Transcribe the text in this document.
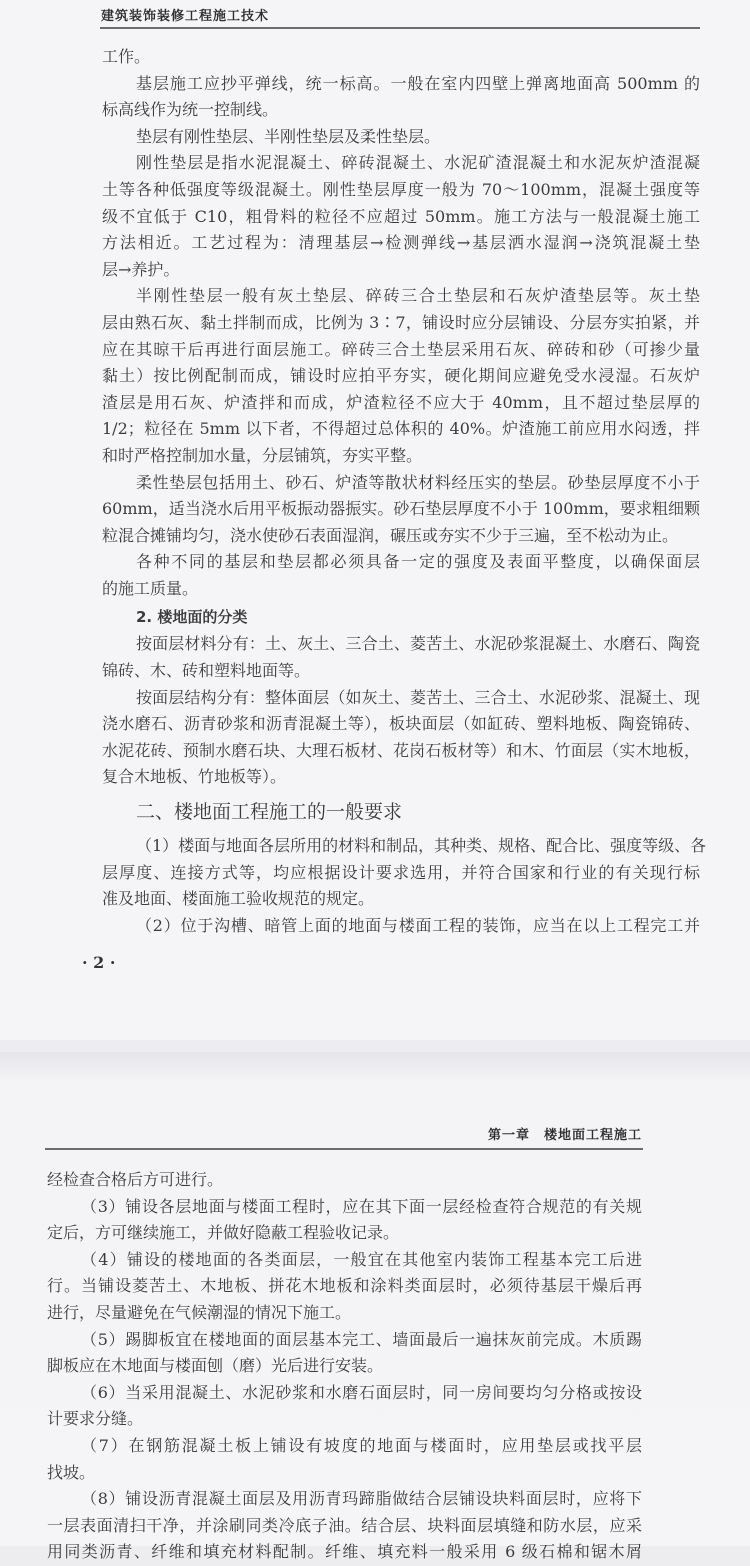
建筑装饰装修工程施工技术
工作。
基层施工应抄平弹线，统一标高。一般在室内四壁上弹离地面高 500mm 的
标高线作为统一控制线。
垫层有刚性垫层、半刚性垫层及柔性垫层。
刚性垫层是指水泥混凝土、碎砖混凝土、水泥矿渣混凝土和水泥灰炉渣混凝
土等各种低强度等级混凝土。刚性垫层厚度一般为 70～100mm，混凝土强度等
级不宜低于 C10，粗骨料的粒径不应超过 50mm。施工方法与一般混凝土施工
方法相近。工艺过程为：清理基层→检测弹线→基层洒水湿润→浇筑混凝土垫
层→养护。
半刚性垫层一般有灰土垫层、碎砖三合土垫层和石灰炉渣垫层等。灰土垫
层由熟石灰、黏土拌制而成，比例为 3∶7，铺设时应分层铺设、分层夯实拍紧，并
应在其晾干后再进行面层施工。碎砖三合土垫层采用石灰、碎砖和砂（可掺少量
黏土）按比例配制而成，铺设时应拍平夯实，硬化期间应避免受水浸湿。石灰炉
渣层是用石灰、炉渣拌和而成，炉渣粒径不应大于 40mm，且不超过垫层厚的
1/2；粒径在 5mm 以下者，不得超过总体积的 40%。炉渣施工前应用水闷透，拌
和时严格控制加水量，分层铺筑，夯实平整。
柔性垫层包括用土、砂石、炉渣等散状材料经压实的垫层。砂垫层厚度不小于
60mm，适当浇水后用平板振动器振实。砂石垫层厚度不小于 100mm，要求粗细颗
粒混合摊铺均匀，浇水使砂石表面湿润，碾压或夯实不少于三遍，至不松动为止。
各种不同的基层和垫层都必须具备一定的强度及表面平整度，以确保面层
的施工质量。
2. 楼地面的分类
按面层材料分有：土、灰土、三合土、菱苦土、水泥砂浆混凝土、水磨石、陶瓷
锦砖、木、砖和塑料地面等。
按面层结构分有：整体面层（如灰土、菱苦土、三合土、水泥砂浆、混凝土、现
浇水磨石、沥青砂浆和沥青混凝土等），板块面层（如缸砖、塑料地板、陶瓷锦砖、
水泥花砖、预制水磨石块、大理石板材、花岗石板材等）和木、竹面层（实木地板，
复合木地板、竹地板等）。
二、楼地面工程施工的一般要求
（1）楼面与地面各层所用的材料和制品，其种类、规格、配合比、强度等级、各
层厚度、连接方式等，均应根据设计要求选用，并符合国家和行业的有关现行标
准及地面、楼面施工验收规范的规定。
（2）位于沟槽、暗管上面的地面与楼面工程的装饰，应当在以上工程完工并
· 2 ·
第一章　楼地面工程施工
经检查合格后方可进行。
（3）铺设各层地面与楼面工程时，应在其下面一层经检查符合规范的有关规
定后，方可继续施工，并做好隐蔽工程验收记录。
（4）铺设的楼地面的各类面层，一般宜在其他室内装饰工程基本完工后进
行。当铺设菱苦土、木地板、拼花木地板和涂料类面层时，必须待基层干燥后再
进行，尽量避免在气候潮湿的情况下施工。
（5）踢脚板宜在楼地面的面层基本完工、墙面最后一遍抹灰前完成。木质踢
脚板应在木地面与楼面刨（磨）光后进行安装。
（6）当采用混凝土、水泥砂浆和水磨石面层时，同一房间要均匀分格或按设
计要求分缝。
（7）在钢筋混凝土板上铺设有坡度的地面与楼面时，应用垫层或找平层
找坡。
（8）铺设沥青混凝土面层及用沥青玛蹄脂做结合层铺设块料面层时，应将下
一层表面清扫干净，并涂刷同类冷底子油。结合层、块料面层填缝和防水层，应采
用同类沥青、纤维和填充材料配制。纤维、填充料一般采用 6 级石棉和锯木屑
